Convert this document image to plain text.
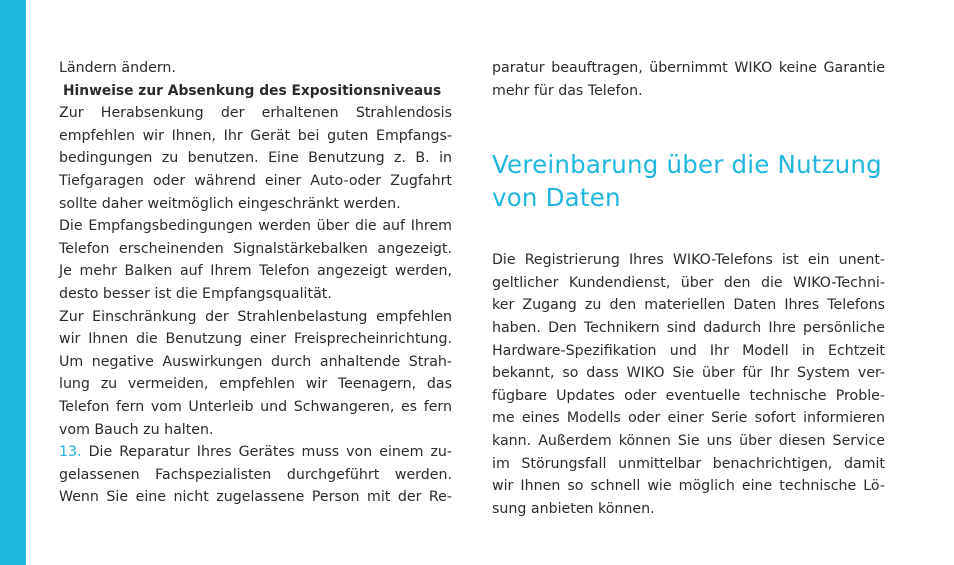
Ländern ändern.

Hinweise zur Absenkung des Expositionsniveaus

Zur Herabsenkung der erhaltenen Strahlendosis
empfehlen wir Ihnen, Ihr Gerät bei guten Empfangs-
bedingungen zu benutzen. Eine Benutzung z. B. in
Tiefgaragen oder während einer Auto-oder Zugfahrt
sollte daher weitmöglich eingeschränkt werden.

Die Empfangsbedingungen werden über die auf Ihrem
Telefon erscheinenden Signalstärkebalken angezeigt.
Je mehr Balken auf Ihrem Telefon angezeigt werden,
desto besser ist die Empfangsqualität.

Zur Einschränkung der Strahlenbelastung empfehlen
wir Ihnen die Benutzung einer Freisprecheinrichtung.
Um negative Auswirkungen durch anhaltende Strah-
lung zu vermeiden, empfehlen wir Teenagern, das
Telefon fern vom Unterleib und Schwangeren, es fern
vom Bauch zu halten.

13. Die Reparatur Ihres Gerätes muss von einem zu-
gelassenen Fachspezialisten durchgeführt werden.
Wenn Sie eine nicht zugelassene Person mit der Re-

paratur beauftragen, übernimmt WIKO keine Garantie
mehr für das Telefon.

Vereinbarung über die Nutzung
von Daten

Die Registrierung Ihres WIKO-Telefons ist ein unent-
geltlicher Kundendienst, über den die WIKO-Techni-
ker Zugang zu den materiellen Daten Ihres Telefons
haben. Den Technikern sind dadurch Ihre persönliche
Hardware-Spezifikation und Ihr Modell in Echtzeit
bekannt, so dass WIKO Sie über für Ihr System ver-
fügbare Updates oder eventuelle technische Proble-
me eines Modells oder einer Serie sofort informieren
kann. Außerdem können Sie uns über diesen Service
im Störungsfall unmittelbar benachrichtigen, damit
wir Ihnen so schnell wie möglich eine technische Lö-
sung anbieten können.
